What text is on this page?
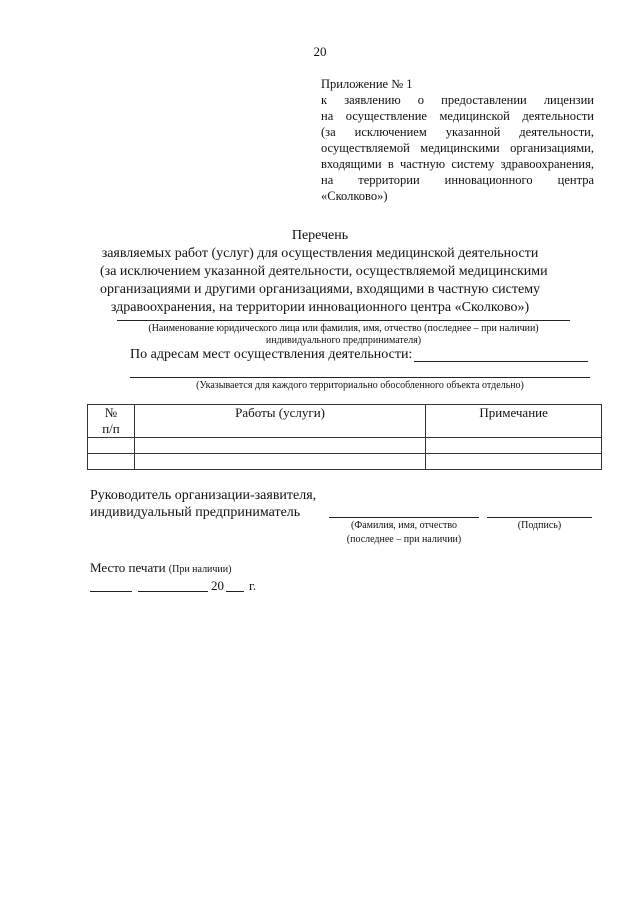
20
Приложение № 1
к заявлению о предоставлении лицензии
на осуществление медицинской деятельности
(за исключением указанной деятельности,
осуществляемой медицинскими организациями,
входящими в частную систему здравоохранения,
на территории инновационного центра
«Сколково»)
Перечень
заявляемых работ (услуг) для осуществления медицинской деятельности
(за исключением указанной деятельности, осуществляемой медицинскими
организациями и другими организациями, входящими в частную систему
здравоохранения, на территории инновационного центра «Сколково»)
(Наименование юридического лица или фамилия, имя, отчество (последнее – при наличии)
индивидуального предпринимателя)
По адресам мест осуществления деятельности:
(Указывается для каждого территориально обособленного объекта отдельно)
№
п/п	Работы (услуги)	Примечание

Руководитель организации-заявителя,
индивидуальный предприниматель
(Фамилия, имя, отчество
(последнее – при наличии)
(Подпись)
Место печати (При наличии)
20 г.
